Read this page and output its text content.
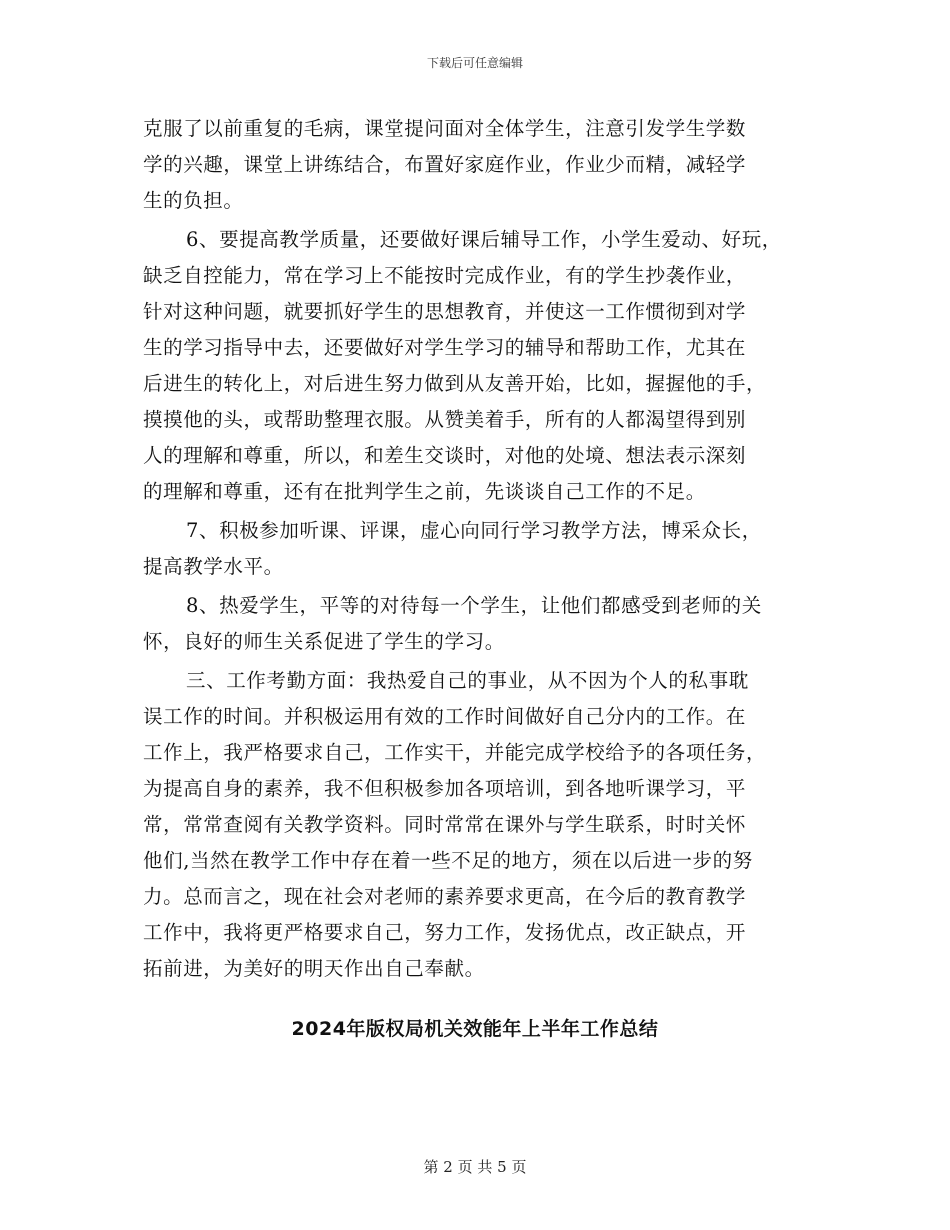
下载后可任意编辑
克服了以前重复的毛病，课堂提问面对全体学生，注意引发学生学数
学的兴趣，课堂上讲练结合，布置好家庭作业，作业少而精，减轻学
生的负担。
6、要提高教学质量，还要做好课后辅导工作，小学生爱动、好玩，
缺乏自控能力，常在学习上不能按时完成作业，有的学生抄袭作业，
针对这种问题，就要抓好学生的思想教育，并使这一工作惯彻到对学
生的学习指导中去，还要做好对学生学习的辅导和帮助工作，尤其在
后进生的转化上，对后进生努力做到从友善开始，比如，握握他的手，
摸摸他的头，或帮助整理衣服。从赞美着手，所有的人都渴望得到别
人的理解和尊重，所以，和差生交谈时，对他的处境、想法表示深刻
的理解和尊重，还有在批判学生之前，先谈谈自己工作的不足。
7、积极参加听课、评课，虚心向同行学习教学方法，博采众长，
提高教学水平。
8、热爱学生，平等的对待每一个学生，让他们都感受到老师的关
怀，良好的师生关系促进了学生的学习。
三、工作考勤方面：我热爱自己的事业，从不因为个人的私事耽
误工作的时间。并积极运用有效的工作时间做好自己分内的工作。在
工作上，我严格要求自己，工作实干，并能完成学校给予的各项任务，
为提高自身的素养，我不但积极参加各项培训，到各地听课学习，平
常，常常查阅有关教学资料。同时常常在课外与学生联系，时时关怀
他们,当然在教学工作中存在着一些不足的地方，须在以后进一步的努
力。总而言之，现在社会对老师的素养要求更高，在今后的教育教学
工作中，我将更严格要求自己，努力工作，发扬优点，改正缺点，开
拓前进，为美好的明天作出自己奉献。
2024年版权局机关效能年上半年工作总结
第 2 页 共 5 页
